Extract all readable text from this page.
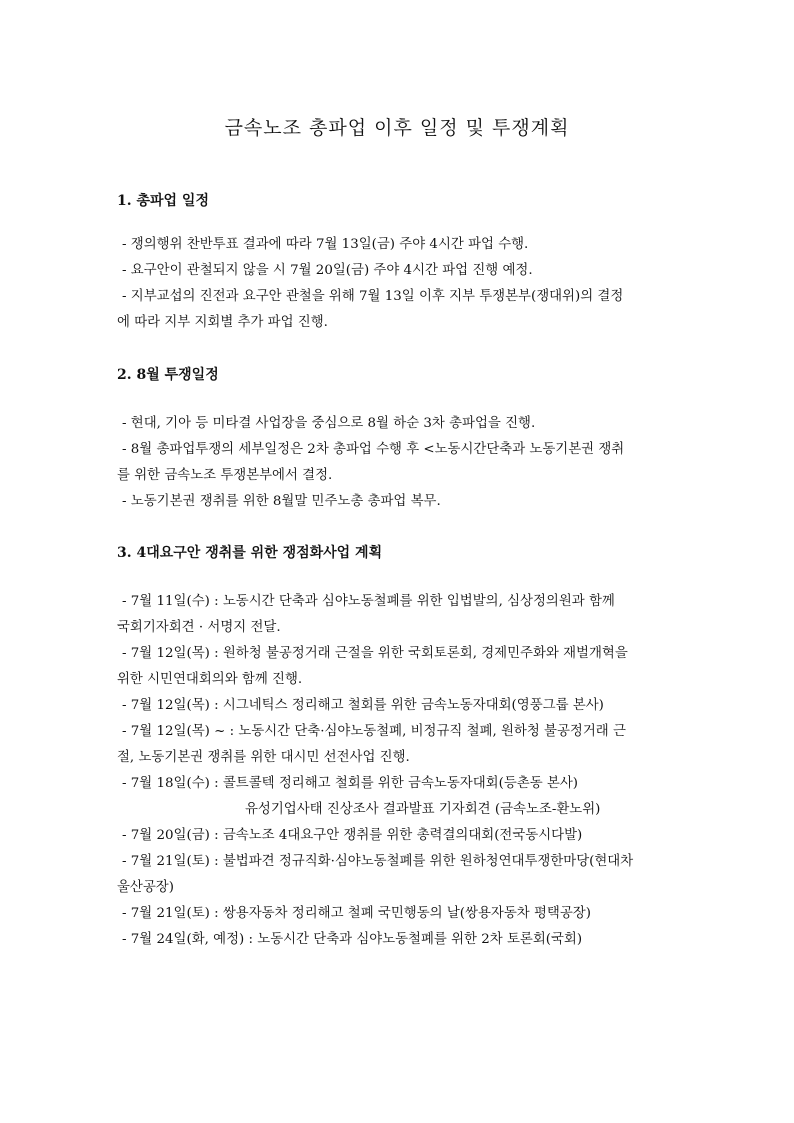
금속노조 총파업 이후 일정 및 투쟁계획

1. 총파업 일정

- 쟁의행위 찬반투표 결과에 따라 7월 13일(금) 주야 4시간 파업 수행.
- 요구안이 관철되지 않을 시 7월 20일(금) 주야 4시간 파업 진행 예정.
- 지부교섭의 진전과 요구안 관철을 위해 7월 13일 이후 지부 투쟁본부(쟁대위)의 결정
에 따라 지부 지회별 추가 파업 진행.

2. 8월 투쟁일정

- 현대, 기아 등 미타결 사업장을 중심으로 8월 하순 3차 총파업을 진행.
- 8월 총파업투쟁의 세부일정은 2차 총파업 수행 후 <노동시간단축과 노동기본권 쟁취
를 위한 금속노조 투쟁본부에서 결정.
- 노동기본권 쟁취를 위한 8월말 민주노총 총파업 복무.

3. 4대요구안 쟁취를 위한 쟁점화사업 계획

- 7월 11일(수) : 노동시간 단축과 심야노동철폐를 위한 입법발의, 심상정의원과 함께
국회기자회견 · 서명지 전달.
- 7월 12일(목) : 원하청 불공정거래 근절을 위한 국회토론회, 경제민주화와 재벌개혁을
위한 시민연대회의와 함께 진행.
- 7월 12일(목) : 시그네틱스 정리해고 철회를 위한 금속노동자대회(영풍그룹 본사)
- 7월 12일(목) ~ : 노동시간 단축·심야노동철폐, 비정규직 철폐, 원하청 불공정거래 근
절, 노동기본권 쟁취를 위한 대시민 선전사업 진행.
- 7월 18일(수) : 콜트콜텍 정리해고 철회를 위한 금속노동자대회(등촌동 본사)
유성기업사태 진상조사 결과발표 기자회견 (금속노조-환노위)
- 7월 20일(금) : 금속노조 4대요구안 쟁취를 위한 총력결의대회(전국동시다발)
- 7월 21일(토) : 불법파견 정규직화·심야노동철폐를 위한 원하청연대투쟁한마당(현대차
울산공장)
- 7월 21일(토) : 쌍용자동차 정리해고 철폐 국민행동의 날(쌍용자동차 평택공장)
- 7월 24일(화, 예정) : 노동시간 단축과 심야노동철폐를 위한 2차 토론회(국회)
